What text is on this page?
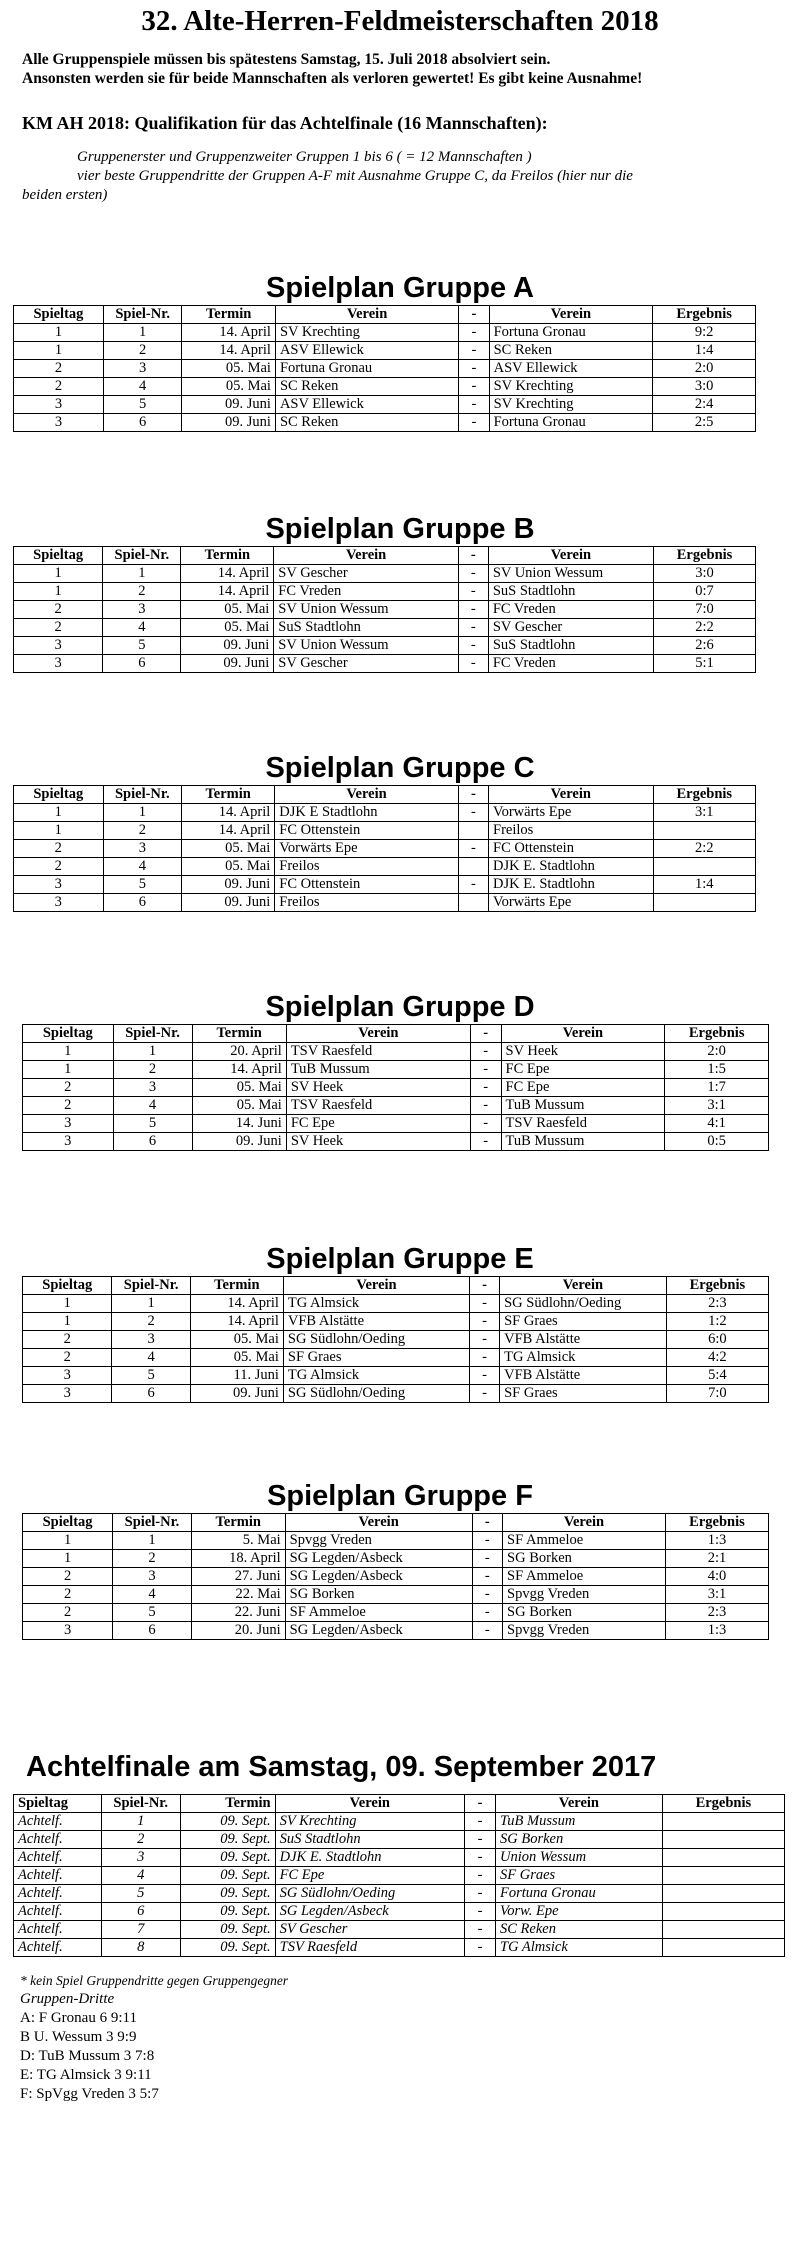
32. Alte-Herren-Feldmeisterschaften 2018

Alle Gruppenspiele müssen bis spätestens Samstag, 15. Juli 2018 absolviert sein.

Ansonsten werden sie für beide Mannschaften als verloren gewertet! Es gibt keine Ausnahme!

KM AH 2018: Qualifikation für das Achtelfinale (16 Mannschaften):

Gruppenerster und Gruppenzweiter Gruppen 1 bis 6 ( = 12 Mannschaften )
vier beste Gruppendritte der Gruppen A-F mit Ausnahme Gruppe C, da Freilos (hier nur die
beiden ersten)

Spielplan Gruppe A
Spieltag	Spiel-Nr.	Termin	Verein	-	Verein	Ergebnis
1	1	14. April	SV Krechting	-	Fortuna Gronau	9:2
1	2	14. April	ASV Ellewick	-	SC Reken	1:4
2	3	05. Mai	Fortuna Gronau	-	ASV Ellewick	2:0
2	4	05. Mai	SC Reken	-	SV Krechting	3:0
3	5	09. Juni	ASV Ellewick	-	SV Krechting	2:4
3	6	09. Juni	SC Reken	-	Fortuna Gronau	2:5
Spielplan Gruppe B
Spieltag	Spiel-Nr.	Termin	Verein	-	Verein	Ergebnis
1	1	14. April	SV Gescher	-	SV Union Wessum	3:0
1	2	14. April	FC Vreden	-	SuS Stadtlohn	0:7
2	3	05. Mai	SV Union Wessum	-	FC Vreden	7:0
2	4	05. Mai	SuS Stadtlohn	-	SV Gescher	2:2
3	5	09. Juni	SV Union Wessum	-	SuS Stadtlohn	2:6
3	6	09. Juni	SV Gescher	-	FC Vreden	5:1
Spielplan Gruppe C
Spieltag	Spiel-Nr.	Termin	Verein	-	Verein	Ergebnis
1	1	14. April	DJK E Stadtlohn	-	Vorwärts Epe	3:1
1	2	14. April	FC Ottenstein		Freilos	
2	3	05. Mai	Vorwärts Epe	-	FC Ottenstein	2:2
2	4	05. Mai	Freilos		DJK E. Stadtlohn	
3	5	09. Juni	FC Ottenstein	-	DJK E. Stadtlohn	1:4
3	6	09. Juni	Freilos		Vorwärts Epe	
Spielplan Gruppe D
Spieltag	Spiel-Nr.	Termin	Verein	-	Verein	Ergebnis
1	1	20. April	TSV Raesfeld	-	SV Heek	2:0
1	2	14. April	TuB Mussum	-	FC Epe	1:5
2	3	05. Mai	SV Heek	-	FC Epe	1:7
2	4	05. Mai	TSV Raesfeld	-	TuB Mussum	3:1
3	5	14. Juni	FC Epe	-	TSV Raesfeld	4:1
3	6	09. Juni	SV Heek	-	TuB Mussum	0:5
Spielplan Gruppe E
Spieltag	Spiel-Nr.	Termin	Verein	-	Verein	Ergebnis
1	1	14. April	TG Almsick	-	SG Südlohn/Oeding	2:3
1	2	14. April	VFB Alstätte	-	SF Graes	1:2
2	3	05. Mai	SG Südlohn/Oeding	-	VFB Alstätte	6:0
2	4	05. Mai	SF Graes	-	TG Almsick	4:2
3	5	11. Juni	TG Almsick	-	VFB Alstätte	5:4
3	6	09. Juni	SG Südlohn/Oeding	-	SF Graes	7:0
Spielplan Gruppe F
Spieltag	Spiel-Nr.	Termin	Verein	-	Verein	Ergebnis
1	1	5. Mai	Spvgg Vreden	-	SF Ammeloe	1:3
1	2	18. April	SG Legden/Asbeck	-	SG Borken	2:1
2	3	27. Juni	SG Legden/Asbeck	-	SF Ammeloe	4:0
2	4	22. Mai	SG Borken	-	Spvgg Vreden	3:1
2	5	22. Juni	SF Ammeloe	-	SG Borken	2:3
3	6	20. Juni	SG Legden/Asbeck	-	Spvgg Vreden	1:3
Achtelfinale am Samstag, 09. September 2017
Spieltag	Spiel-Nr.	Termin	Verein	-	Verein	Ergebnis
Achtelf.	1	09. Sept.	SV Krechting	-	TuB Mussum	
Achtelf.	2	09. Sept.	SuS Stadtlohn	-	SG Borken	
Achtelf.	3	09. Sept.	DJK E. Stadtlohn	-	Union Wessum	
Achtelf.	4	09. Sept.	FC Epe	-	SF Graes	
Achtelf.	5	09. Sept.	SG Südlohn/Oeding	-	Fortuna Gronau	
Achtelf.	6	09. Sept.	SG Legden/Asbeck	-	Vorw. Epe	
Achtelf.	7	09. Sept.	SV Gescher	-	SC Reken	
Achtelf.	8	09. Sept.	TSV Raesfeld	-	TG Almsick	
* kein Spiel Gruppendritte gegen Gruppengegner
Gruppen-Dritte
A: F Gronau 6 9:11
B U. Wessum 3 9:9
D: TuB Mussum 3 7:8
E: TG Almsick 3 9:11
F: SpVgg Vreden 3 5:7
